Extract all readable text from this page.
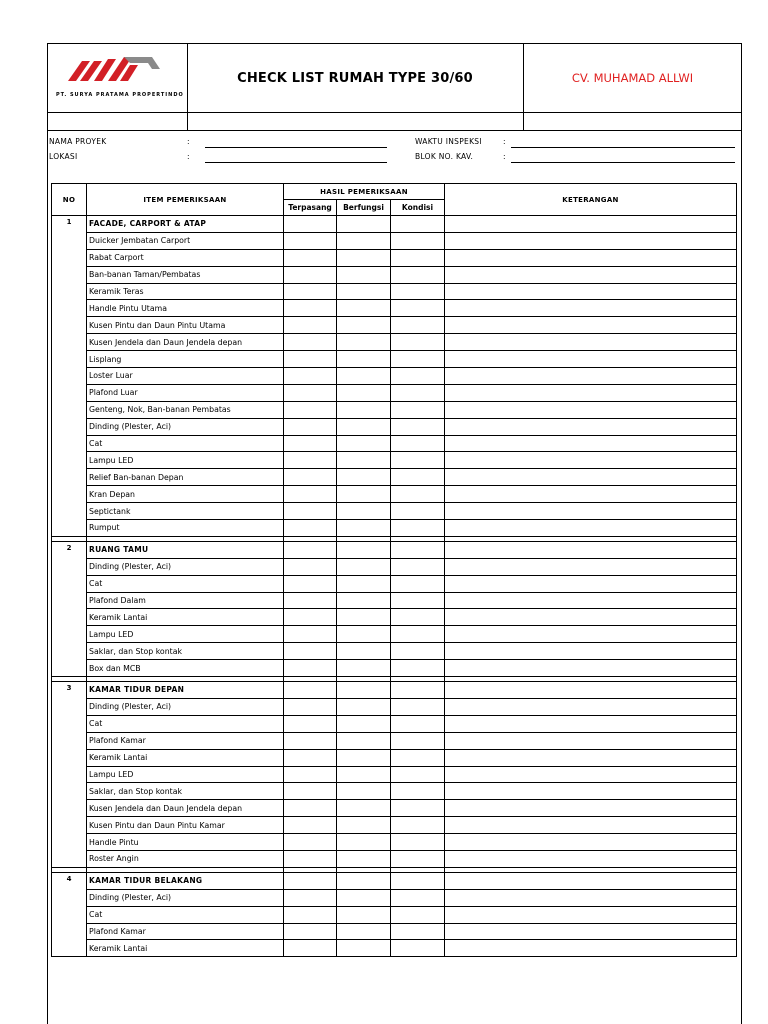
PT. SURYA PRATAMA PROPERTINDO
CHECK LIST RUMAH TYPE 30/60	CV. MUHAMAD ALLWI
NAMA PROYEK	:
LOKASI	:
WAKTU INSPEKSI	:
BLOK NO. KAV.	:
NO	ITEM PEMERIKSAAN	HASIL PEMERIKSAAN			KETERANGAN
		Terpasang	Berfungsi	Kondisi	
1	FACADE, CARPORT & ATAP				
	Duicker Jembatan Carport				
	Rabat Carport				
	Ban-banan Taman/Pembatas				
	Keramik Teras				
	Handle Pintu Utama				
	Kusen Pintu dan Daun Pintu Utama				
	Kusen Jendela dan Daun Jendela depan				
	Lisplang				
	Loster Luar				
	Plafond Luar				
	Genteng, Nok, Ban-banan Pembatas				
	Dinding (Plester, Aci)				
	Cat				
	Lampu LED				
	Relief Ban-banan Depan				
	Kran Depan				
	Septictank				
	Rumput				

2	RUANG TAMU				
	Dinding (Plester, Aci)				
	Cat				
	Plafond Dalam				
	Keramik Lantai				
	Lampu LED				
	Saklar, dan Stop kontak				
	Box dan MCB				

3	KAMAR TIDUR DEPAN				
	Dinding (Plester, Aci)				
	Cat				
	Plafond Kamar				
	Keramik Lantai				
	Lampu LED				
	Saklar, dan Stop kontak				
	Kusen Jendela dan Daun Jendela depan				
	Kusen Pintu dan Daun Pintu Kamar				
	Handle Pintu				
	Roster Angin				

4	KAMAR TIDUR BELAKANG				
	Dinding (Plester, Aci)				
	Cat				
	Plafond Kamar				
	Keramik Lantai				
